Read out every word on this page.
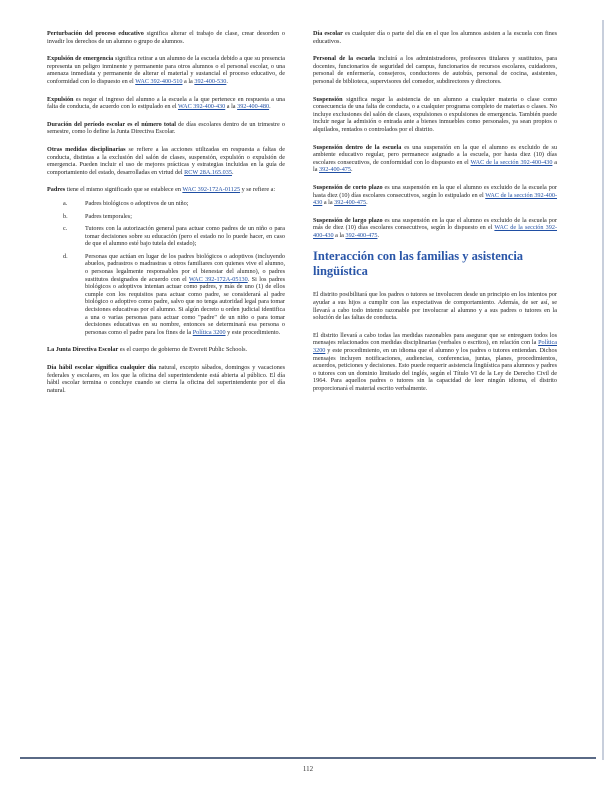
Perturbación del proceso educativo significa alterar el trabajo de clase, crear desorden o invadir los derechos de un alumno o grupo de alumnos.

Expulsión de emergencia significa retirar a un alumno de la escuela debido a que su presencia representa un peligro inminente y permanente para otros alumnos o el personal escolar, o una amenaza inmediata y permanente de alterar el material y sustancial el proceso educativo, de conformidad con lo dispuesto en el WAC 392-400-510 a la 392-400-530.

Expulsión es negar el ingreso del alumno a la escuela a la que pertenece en respuesta a una falta de conducta, de acuerdo con lo estipulado en el WAC 392-400-430 a la 392-400-480.

Duración del período escolar es el número total de días escolares dentro de un trimestre o semestre, como lo define la Junta Directiva Escolar.

Otras medidas disciplinarias se refiere a las acciones utilizadas en respuesta a faltas de conducta, distintas a la exclusión del salón de clases, suspensión, expulsión o expulsión de emergencia. Pueden incluir el uso de mejores prácticas y estrategias incluidas en la guía de comportamiento del estado, desarrolladas en virtud del RCW 28A.165.035.

Padres tiene el mismo significado que se establece en WAC 392-172A-01125 y se refiere a:

a.	Padres biológicos o adoptivos de un niño;
b.	Padres temporales;
c.	Tutores con la autorización general para actuar como padres de un niño o para tomar decisiones sobre su educación (pero el estado no lo puede hacer, en caso de que el alumno esté bajo tutela del estado);
d.	Personas que actúan en lugar de los padres biológicos o adoptivos (incluyendo abuelos, padrastros o madrastras u otros familiares con quienes vive el alumno, o personas legalmente responsables por el bienestar del alumno), o padres sustitutos designados de acuerdo con el WAC 392-172A-05130. Si los padres biológicos o adoptivos intentan actuar como padres, y más de uno (1) de ellos cumple con los requisitos para actuar como padre, se considerará al padre biológico o adoptivo como padre, salvo que no tenga autoridad legal para tomar decisiones educativas por el alumno. Si algún decreto u orden judicial identifica a una o varias personas para actuar como "padre" de un niño o para tomar decisiones educativas en su nombre, entonces se determinará esa persona o personas como el padre para los fines de la Política 3200 y este procedimiento.

La Junta Directiva Escolar es el cuerpo de gobierno de Everett Public Schools.

Día hábil escolar significa cualquier día natural, excepto sábados, domingos y vacaciones federales y escolares, en los que la oficina del superintendente está abierta al público. El día hábil escolar termina o concluye cuando se cierra la oficina del superintendente por el día natural.

Día escolar es cualquier día o parte del día en el que los alumnos asisten a la escuela con fines educativos.

Personal de la escuela incluirá a los administradores, profesores titulares y sustitutos, para docentes, funcionarios de seguridad del campus, funcionarios de recursos escolares, cuidadores, personal de enfermería, consejeros, conductores de autobús, personal de cocina, asistentes, personal de biblioteca, supervisores del comedor, subdirectores y directores.

Suspensión significa negar la asistencia de un alumno a cualquier materia o clase como consecuencia de una falta de conducta, o a cualquier programa completo de materias o clases. No incluye exclusiones del salón de clases, expulsiones o expulsiones de emergencia. También puede incluir negar la admisión o entrada ante a bienes inmuebles como personales, ya sean propios o alquilados, rentados o controlados por el distrito.

Suspensión dentro de la escuela es una suspensión en la que el alumno es excluido de su ambiente educativo regular, pero permanece asignado a la escuela, por hasta diez (10) días escolares consecutivos, de conformidad con lo dispuesto en el WAC de la sección 392-400-430 a la 392-400-475.

Suspensión de corto plazo es una suspensión en la que el alumno es excluido de la escuela por hasta diez (10) días escolares consecutivos, según lo estipulado en el WAC de la sección 392-400-430 a la 392-400-475.

Suspensión de largo plazo es una suspensión en la que el alumno es excluido de la escuela por más de diez (10) días escolares consecutivos, según lo dispuesto en el WAC de la sección 392-400-430 a la 392-400-475.

Interacción con las familias y asistencia lingüística

El distrito posibilitará que los padres o tutores se involucren desde un principio en los intentos por ayudar a sus hijos a cumplir con las expectativas de comportamiento. Además, de ser así, se llevará a cabo todo intento razonable por involucrar al alumno y a sus padres o tutores en la solución de las faltas de conducta.

El distrito llevará a cabo todas las medidas razonables para asegurar que se entreguen todos los mensajes relacionados con medidas disciplinarias (verbales o escritos), en relación con la Política 3200 y este procedimiento, en un idioma que el alumno y los padres o tutores entiendan. Dichos mensajes incluyen notificaciones, audiencias, conferencias, juntas, planes, procedimientos, acuerdos, peticiones y decisiones. Esto puede requerir asistencia lingüística para alumnos y padres o tutores con un dominio limitado del inglés, según el Título VI de la Ley de Derecho Civil de 1964. Para aquellos padres o tutores sin la capacidad de leer ningún idioma, el distrito proporcionará el material escrito verbalmente.

112
